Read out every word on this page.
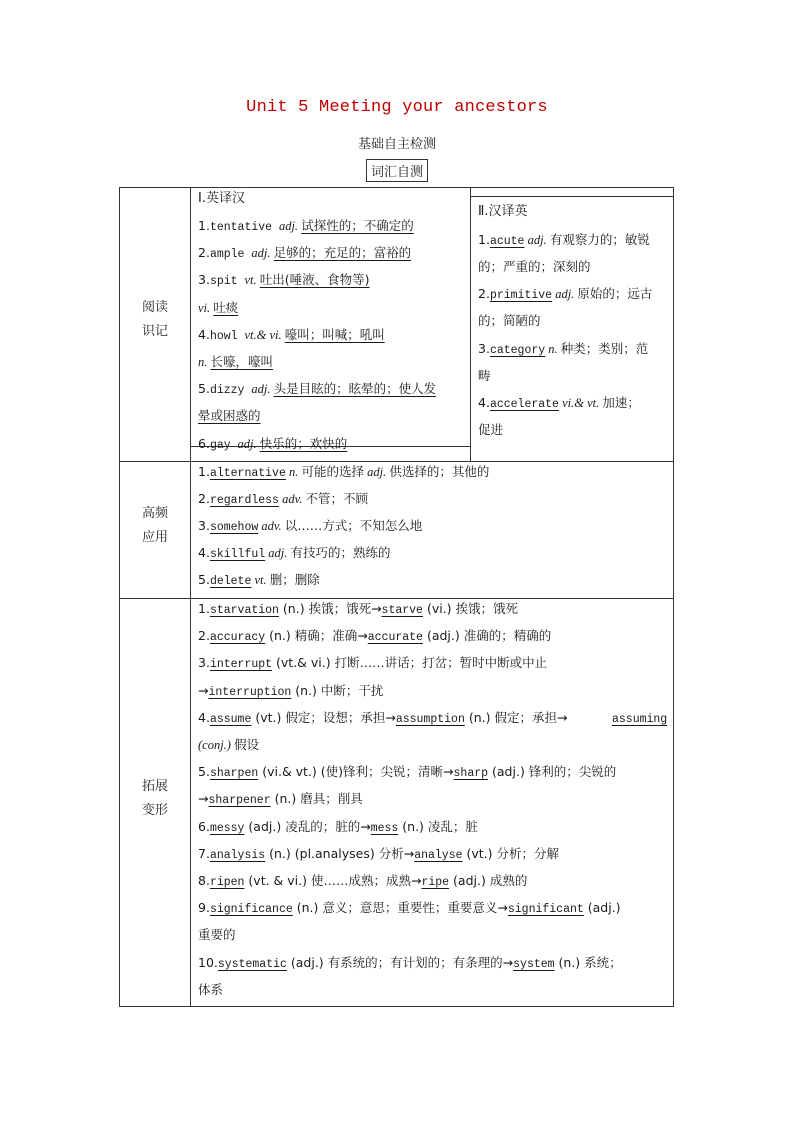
Unit 5 Meeting your ancestors
基础自主检测
词汇自测
阅读
识记
高频
应用
拓展
变形
Ⅰ.英译汉
1.tentative adj. 试探性的；不确定的
2.ample adj. 足够的；充足的；富裕的
3.spit vt. 吐出(唾液、食物等)
vi. 吐痰
4.howl vt.& vi. 嚎叫；叫喊；吼叫
n. 长嚎，嚎叫
5.dizzy adj. 头是目眩的；眩晕的；使人发
晕或困惑的
6.gay adj. 快乐的；欢快的
Ⅱ.汉译英
1.acute adj. 有观察力的；敏锐
的；严重的；深刻的
2.primitive adj. 原始的；远古
的；简陋的
3.category n. 种类；类别；范
畴
4.accelerate vi.& vt. 加速；
促进
1.alternative n. 可能的选择 adj. 供选择的；其他的
2.regardless adv. 不管；不顾
3.somehow adv. 以……方式；不知怎么地
4.skillful adj. 有技巧的；熟练的
5.delete vt. 删；删除
1.starvation (n.) 挨饿；饿死→starve (vi.) 挨饿；饿死
2.accuracy (n.) 精确；准确→accurate (adj.) 准确的；精确的
3.interrupt (vt.& vi.) 打断……讲话；打岔；暂时中断或中止
→interruption (n.) 中断；干扰
4.assume (vt.) 假定；设想；承担→assumption (n.) 假定；承担→	assuming
(conj.) 假设
5.sharpen (vi.& vt.) (使)锋利；尖锐；清晰→sharp (adj.) 锋利的；尖锐的
→sharpener (n.) 磨具；削具
6.messy (adj.) 凌乱的；脏的→mess (n.) 凌乱；脏
7.analysis (n.) (pl.analyses) 分析→analyse (vt.) 分析；分解
8.ripen (vt. & vi.) 使……成熟；成熟→ripe (adj.) 成熟的
9.significance (n.) 意义；意思；重要性；重要意义→significant (adj.)
重要的
10.systematic (adj.) 有系统的；有计划的；有条理的→system (n.) 系统；
体系
